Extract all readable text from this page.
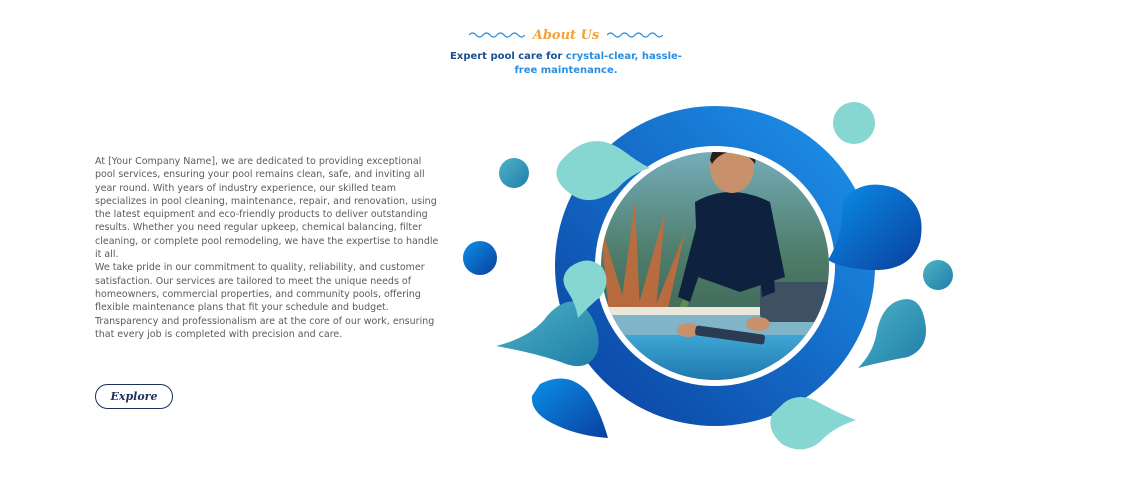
About Us
Expert pool care for crystal-clear, hassle-free maintenance.

At [Your Company Name], we are dedicated to providing exceptional pool services, ensuring your pool remains clean, safe, and inviting all year round. With years of industry experience, our skilled team specializes in pool cleaning, maintenance, repair, and renovation, using the latest equipment and eco-friendly products to deliver outstanding results. Whether you need regular upkeep, chemical balancing, filter cleaning, or complete pool remodeling, we have the expertise to handle it all.

We take pride in our commitment to quality, reliability, and customer satisfaction. Our services are tailored to meet the unique needs of homeowners, commercial properties, and community pools, offering flexible maintenance plans that fit your schedule and budget. Transparency and professionalism are at the core of our work, ensuring that every job is completed with precision and care.

Explore
